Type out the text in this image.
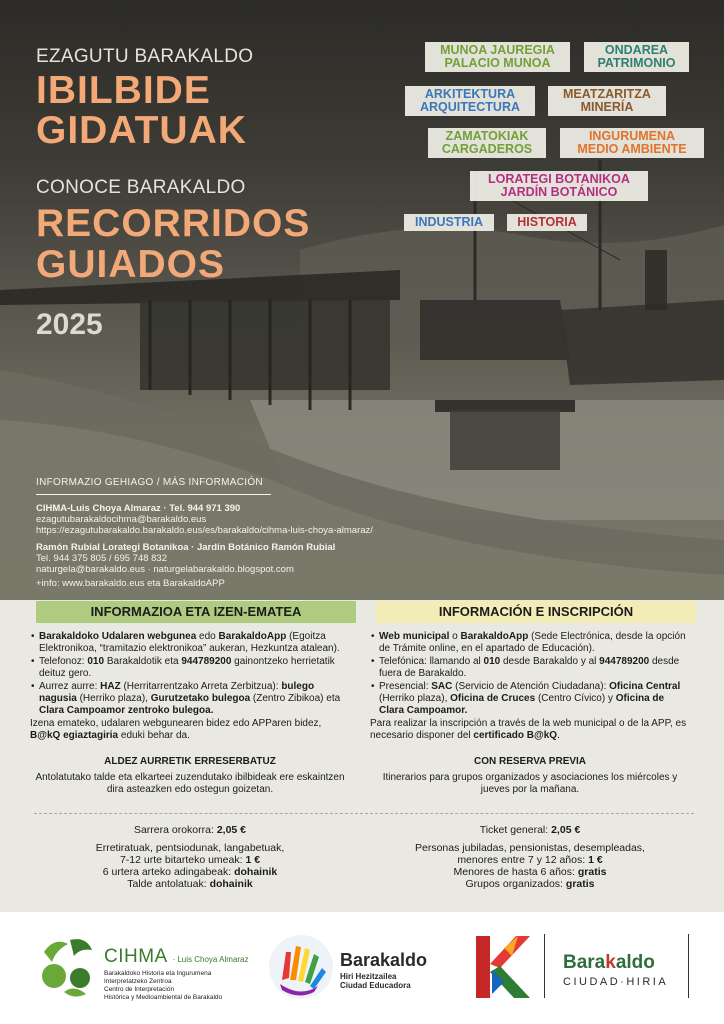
EZAGUTU BARAKALDO
IBILBIDE
GIDATUAK
CONOCE BARAKALDO
RECORRIDOS
GUIADOS
2025
MUNOA JAUREGIA
PALACIO MUNOA
ONDAREA
PATRIMONIO
ARKITEKTURA
ARQUITECTURA
MEATZARITZA
MINERÍA
ZAMATOKIAK
CARGADEROS
INGURUMENA
MEDIO AMBIENTE
LORATEGI BOTANIKOA
JARDÍN BOTÁNICO
INDUSTRIA	HISTORIA
INFORMAZIO GEHIAGO / MÁS INFORMACIÓN

CIHMA-Luis Choya Almaraz · Tel. 944 971 390

ezagutubarakaldocihma@barakaldo.eus

https://ezagutubarakaldo.barakaldo.eus/es/barakaldo/cihma-luis-choya-almaraz/

Ramón Rubial Lorategi Botanikoa · Jardín Botánico Ramón Rubial

Tel. 944 375 805 / 695 748 832

naturgela@barakaldo.eus · naturgelabarakaldo.blogspot.com

+info: www.barakaldo.eus eta BarakaldoAPP

INFORMAZIOA ETA IZEN-EMATEA
• Barakaldoko Udalaren webgunea edo BarakaldoApp (Egoitza Elektronikoa, “tramitazio elektronikoa” aukeran, Hezkuntza atalean).
• Telefonoz: 010 Barakaldotik eta 944789200 gainontzeko herrietatik deituz gero.
• Aurrez aurre: HAZ (Herritarrentzako Arreta Zerbitzua): bulego nagusia (Herriko plaza), Gurutzetako bulegoa (Zentro Zibikoa) eta Clara Campoamor zentroko bulegoa.

Izena emateko, udalaren webgunearen bidez edo APParen bidez, B@kQ egiaztagiria eduki behar da.

ALDEZ AURRETIK ERRESERBATUZ
Antolatutako talde eta elkarteei zuzendutako ibilbideak ere eskaintzen dira asteazken edo ostegun goizetan.
INFORMACIÓN E INSCRIPCIÓN
• Web municipal o BarakaldoApp (Sede Electrónica, desde la opción de Trámite online, en el apartado de Educación).
• Telefónica: llamando al 010 desde Barakaldo y al 944789200 desde fuera de Barakaldo.
• Presencial: SAC (Servicio de Atención Ciudadana): Oficina Central (Herriko plaza), Oficina de Cruces (Centro Cívico) y Oficina de Clara Campoamor.

Para realizar la inscripción a través de la web municipal o de la APP, es necesario disponer del certificado B@kQ.

CON RESERVA PREVIA
Itinerarios para grupos organizados y asociaciones los miércoles y jueves por la mañana.

Sarrera orokorra: 2,05 €

Erretiratuak, pentsiodunak, langabetuak,

7-12 urte bitarteko umeak: 1 €

6 urtera arteko adingabeak: dohainik

Talde antolatuak: dohainik

Ticket general: 2,05 €

Personas jubiladas, pensionistas, desempleadas,

menores entre 7 y 12 años: 1 €

Menores de hasta 6 años: gratis

Grupos organizados: gratis

CIHMA · Luis Choya Almaraz
Barakaldoko Historia eta Ingurumena
Interpretatzeko Zentroa
Centro de Interpretación
Histórica y Medioambiental de Barakaldo
Barakaldo
Hiri Hezitzailea
Ciudad Educadora
Barakaldo
CIUDAD·HIRIA
